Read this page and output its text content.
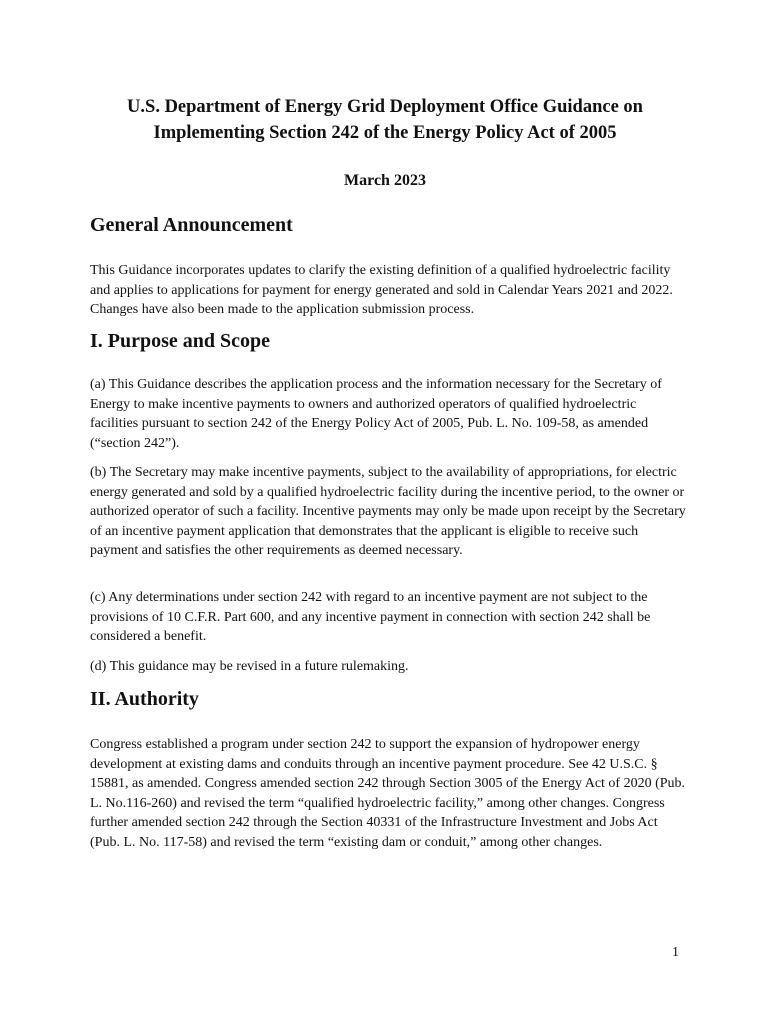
U.S. Department of Energy Grid Deployment Office Guidance on
Implementing Section 242 of the Energy Policy Act of 2005
March 2023
General Announcement

This Guidance incorporates updates to clarify the existing definition of a qualified hydroelectric facility and applies to applications for payment for energy generated and sold in Calendar Years 2021 and 2022. Changes have also been made to the application submission process.

I. Purpose and Scope

(a) This Guidance describes the application process and the information necessary for the Secretary of Energy to make incentive payments to owners and authorized operators of qualified hydroelectric facilities pursuant to section 242 of the Energy Policy Act of 2005, Pub. L. No. 109-58, as amended (“section 242”).

(b) The Secretary may make incentive payments, subject to the availability of appropriations, for electric energy generated and sold by a qualified hydroelectric facility during the incentive period, to the owner or authorized operator of such a facility. Incentive payments may only be made upon receipt by the Secretary of an incentive payment application that demonstrates that the applicant is eligible to receive such payment and satisfies the other requirements as deemed necessary.

(c) Any determinations under section 242 with regard to an incentive payment are not subject to the provisions of 10 C.F.R. Part 600, and any incentive payment in connection with section 242 shall be considered a benefit.

(d) This guidance may be revised in a future rulemaking.

II. Authority

Congress established a program under section 242 to support the expansion of hydropower energy development at existing dams and conduits through an incentive payment procedure. See 42 U.S.C. § 15881, as amended. Congress amended section 242 through Section 3005 of the Energy Act of 2020 (Pub. L. No.116-260) and revised the term “qualified hydroelectric facility,” among other changes. Congress further amended section 242 through the Section 40331 of the Infrastructure Investment and Jobs Act (Pub. L. No. 117-58) and revised the term “existing dam or conduit,” among other changes.

1
